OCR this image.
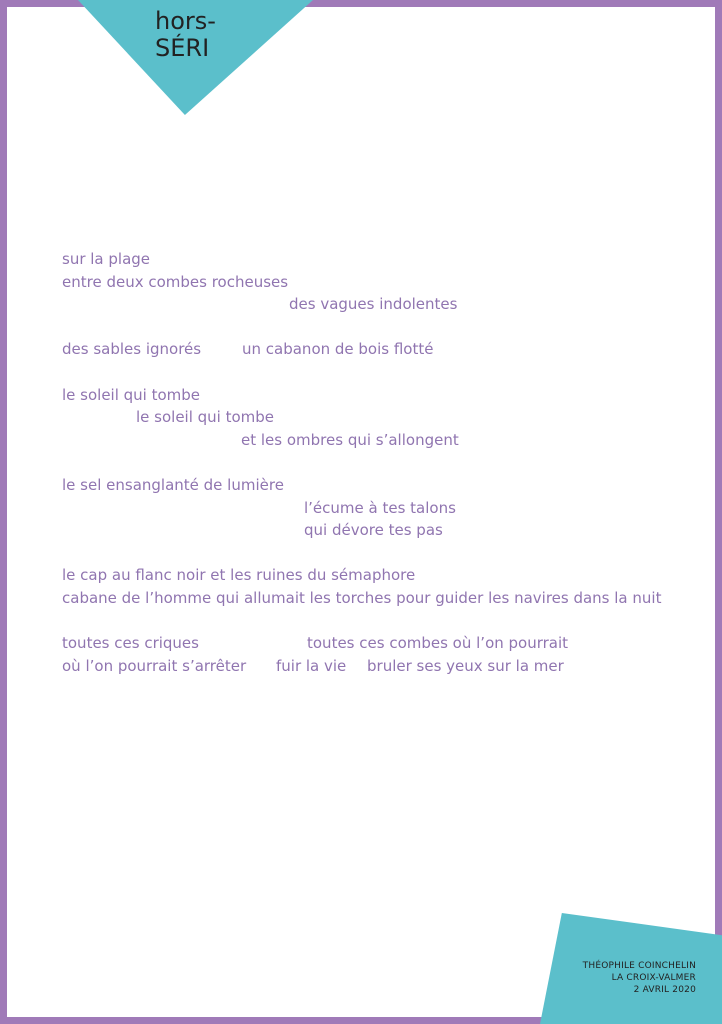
hors-
SÉRI
sur la plage
entre deux combes rocheuses
des vagues indolentes
des sables ignorés	un cabanon de bois flotté
le soleil qui tombe
le soleil qui tombe
et les ombres qui s’allongent
le sel ensanglanté de lumière
l’écume à tes talons
qui dévore tes pas
le cap au flanc noir et les ruines du sémaphore
cabane de l’homme qui allumait les torches pour guider les navires dans la nuit
toutes ces criques	toutes ces combes où l’on pourrait
où l’on pourrait s’arrêter fuir la vie bruler ses yeux sur la mer
THÉOPHILE COINCHELIN
LA CROIX-VALMER
2 AVRIL 2020
